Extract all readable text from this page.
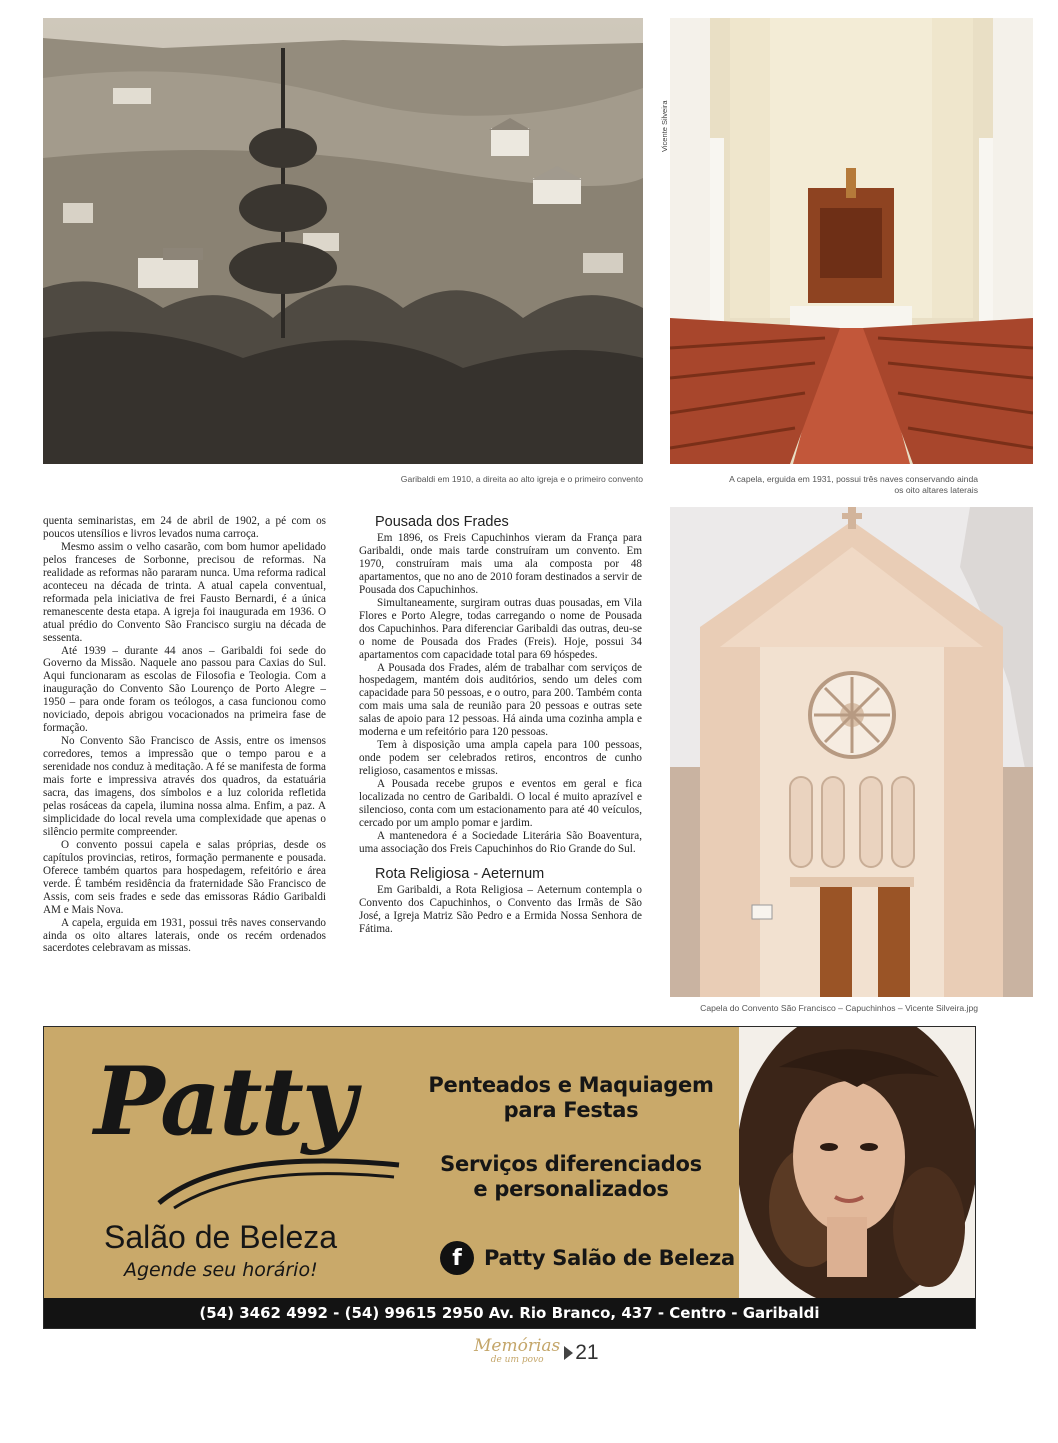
Garibaldi em 1910, a direita ao alto igreja e o primeiro convento
Vicente Silveira
A capela, erguida em 1931, possui três naves conservando ainda
os oito altares laterais
Capela do Convento São Francisco – Capuchinhos – Vicente Silveira.jpg

quenta seminaristas, em 24 de abril de 1902, a pé com os poucos utensílios e livros levados numa carroça.

Mesmo assim o velho casarão, com bom humor apelidado pelos franceses de Sorbonne, precisou de reformas. Na realidade as reformas não pararam nunca. Uma reforma radical aconteceu na década de trinta. A atual capela conventual, reformada pela iniciativa de frei Fausto Bernardi, é a única remanescente desta etapa. A igreja foi inaugurada em 1936. O atual prédio do Convento São Francisco surgiu na década de sessenta.

Até 1939 – durante 44 anos – Garibaldi foi sede do Governo da Missão. Naquele ano passou para Caxias do Sul. Aqui funcionaram as escolas de Filosofia e Teologia. Com a inauguração do Convento São Lourenço de Porto Alegre – 1950 – para onde foram os teólogos, a casa funcionou como noviciado, depois abrigou vocacionados na primeira fase de formação.

No Convento São Francisco de Assis, entre os imensos corredores, temos a impressão que o tempo parou e a serenidade nos conduz à meditação. A fé se manifesta de forma mais forte e impressiva através dos quadros, da estatuária sacra, das imagens, dos símbolos e a luz colorida refletida pelas rosáceas da capela, ilumina nossa alma. Enfim, a paz. A simplicidade do local revela uma complexidade que apenas o silêncio permite compreender.

O convento possui capela e salas próprias, desde os capítulos provincias, retiros, formação permanente e pousada. Oferece também quartos para hospedagem, refeitório e área verde. É também residência da fraternidade São Francisco de Assis, com seis frades e sede das emissoras Rádio Garibaldi AM e Mais Nova.

A capela, erguida em 1931, possui três naves conservando ainda os oito altares laterais, onde os recém ordenados sacerdotes celebravam as missas.

Pousada dos Frades

Em 1896, os Freis Capuchinhos vieram da França para Garibaldi, onde mais tarde construíram um convento. Em 1970, construíram mais uma ala composta por 48 apartamentos, que no ano de 2010 foram destinados a servir de Pousada dos Capuchinhos.

Simultaneamente, surgiram outras duas pousadas, em Vila Flores e Porto Alegre, todas carregando o nome de Pousada dos Capuchinhos. Para diferenciar Garibaldi das outras, deu-se o nome de Pousada dos Frades (Freis). Hoje, possui 34 apartamentos com capacidade total para 69 hóspedes.

A Pousada dos Frades, além de trabalhar com serviços de hospedagem, mantém dois auditórios, sendo um deles com capacidade para 50 pessoas, e o outro, para 200. Também conta com mais uma sala de reunião para 20 pessoas e outras sete salas de apoio para 12 pessoas. Há ainda uma cozinha ampla e moderna e um refeitório para 120 pessoas.

Tem à disposição uma ampla capela para 100 pessoas, onde podem ser celebrados retiros, encontros de cunho religioso, casamentos e missas.

A Pousada recebe grupos e eventos em geral e fica localizada no centro de Garibaldi. O local é muito aprazível e silencioso, conta com um estacionamento para até 40 veículos, cercado por um amplo pomar e jardim.

A mantenedora é a Sociedade Literária São Boaventura, uma associação dos Freis Capuchinhos do Rio Grande do Sul.

Rota Religiosa - Aeternum

Em Garibaldi, a Rota Religiosa – Aeternum contempla o Convento dos Capuchinhos, o Convento das Irmãs de São José, a Igreja Matriz São Pedro e a Ermida Nossa Senhora de Fátima.

Patty
Salão de Beleza
Agende seu horário!
Penteados e Maquiagem
para Festas
Serviços diferenciados
e personalizados
f	Patty Salão de Beleza
(54) 3462 4992 - (54) 99615 2950 Av. Rio Branco, 437 - Centro - Garibaldi
Memórias
de um povo	21
